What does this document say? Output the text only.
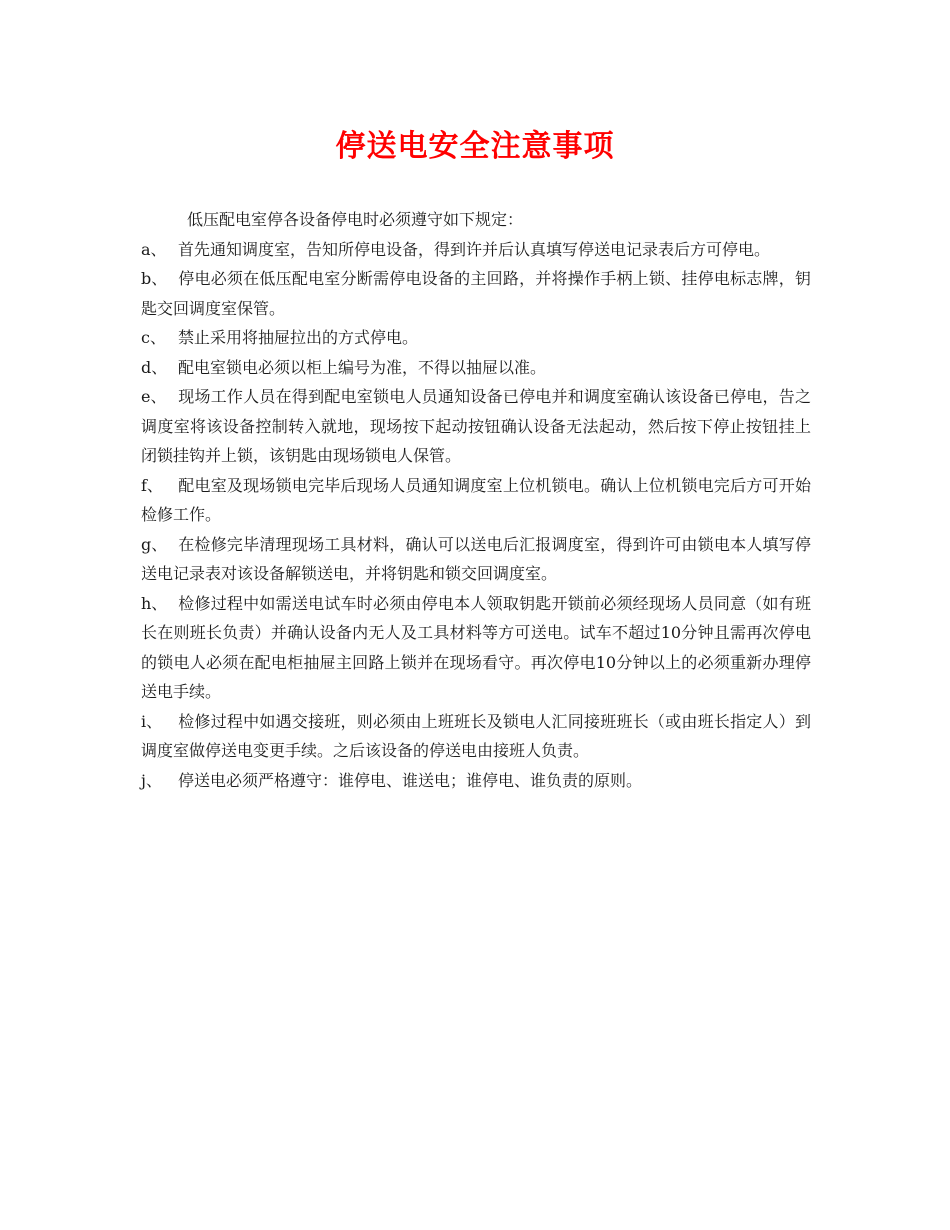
停送电安全注意事项

低压配电室停各设备停电时必须遵守如下规定：

a、 首先通知调度室，告知所停电设备，得到许并后认真填写停送电记录表后方可停电。

b、 停电必须在低压配电室分断需停电设备的主回路，并将操作手柄上锁、挂停电标志牌，钥匙交回调度室保管。

c、 禁止采用将抽屉拉出的方式停电。

d、 配电室锁电必须以柜上编号为准，不得以抽屉以准。

e、 现场工作人员在得到配电室锁电人员通知设备已停电并和调度室确认该设备已停电，告之调度室将该设备控制转入就地，现场按下起动按钮确认设备无法起动，然后按下停止按钮挂上闭锁挂钩并上锁，该钥匙由现场锁电人保管。

f、 配电室及现场锁电完毕后现场人员通知调度室上位机锁电。确认上位机锁电完后方可开始检修工作。

g、 在检修完毕清理现场工具材料，确认可以送电后汇报调度室，得到许可由锁电本人填写停送电记录表对该设备解锁送电，并将钥匙和锁交回调度室。

h、 检修过程中如需送电试车时必须由停电本人领取钥匙开锁前必须经现场人员同意（如有班长在则班长负责）并确认设备内无人及工具材料等方可送电。试车不超过10分钟且需再次停电的锁电人必须在配电柜抽屉主回路上锁并在现场看守。再次停电10分钟以上的必须重新办理停送电手续。

i、 检修过程中如遇交接班，则必须由上班班长及锁电人汇同接班班长（或由班长指定人）到调度室做停送电变更手续。之后该设备的停送电由接班人负责。

j、 停送电必须严格遵守：谁停电、谁送电；谁停电、谁负责的原则。
